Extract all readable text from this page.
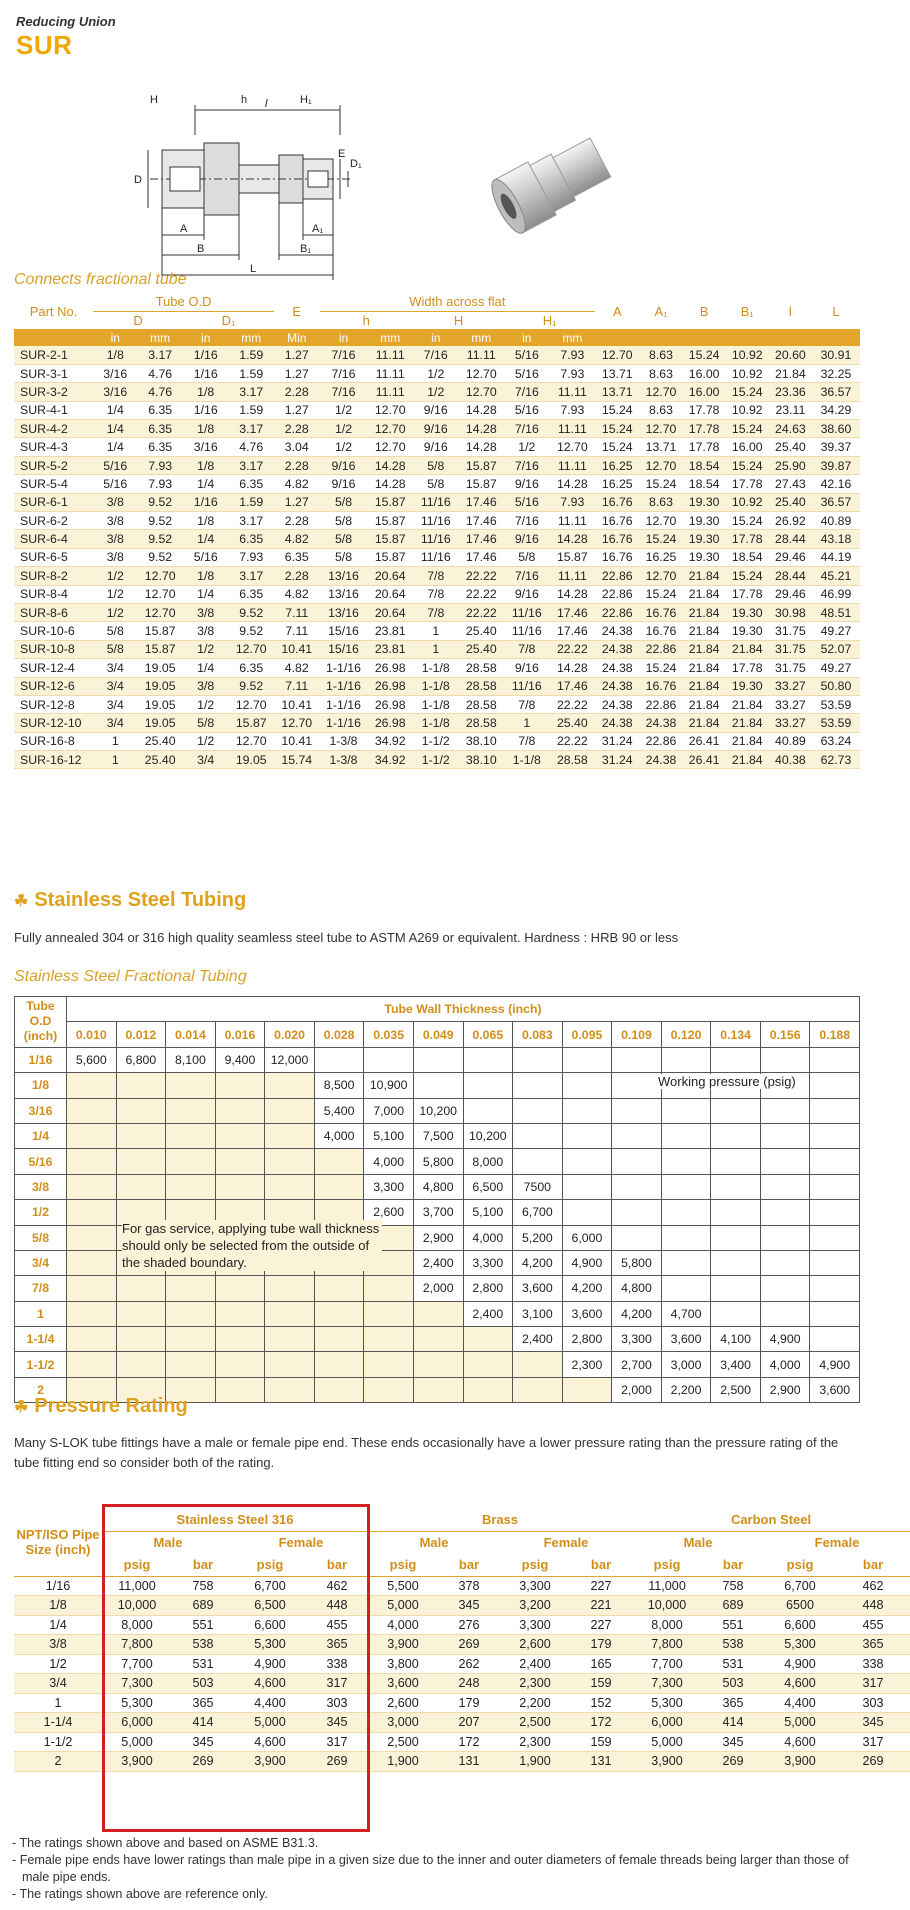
Reducing Union
SUR
l
H	h	H₁
D
E
D₁
A	A₁
B	B₁
L
Connects fractional tube
Part No.	Tube O.D				E	Width across flat						A	A₁	B	B₁	l	L
	D		D₁			h		H		H₁							
	in	mm	in	mm	Min	in	mm	in	mm	in	mm						
SUR-2-1	1/8	3.17	1/16	1.59	1.27	7/16	11.11	7/16	11.11	5/16	7.93	12.70	8.63	15.24	10.92	20.60	30.91
SUR-3-1	3/16	4.76	1/16	1.59	1.27	7/16	11.11	1/2	12.70	5/16	7.93	13.71	8.63	16.00	10.92	21.84	32.25
SUR-3-2	3/16	4.76	1/8	3.17	2.28	7/16	11.11	1/2	12.70	7/16	11.11	13.71	12.70	16.00	15.24	23.36	36.57
SUR-4-1	1/4	6.35	1/16	1.59	1.27	1/2	12.70	9/16	14.28	5/16	7.93	15.24	8.63	17.78	10.92	23.11	34.29
SUR-4-2	1/4	6.35	1/8	3.17	2.28	1/2	12.70	9/16	14.28	7/16	11.11	15.24	12.70	17.78	15.24	24.63	38.60
SUR-4-3	1/4	6.35	3/16	4.76	3.04	1/2	12.70	9/16	14.28	1/2	12.70	15.24	13.71	17.78	16.00	25.40	39.37
SUR-5-2	5/16	7.93	1/8	3.17	2.28	9/16	14.28	5/8	15.87	7/16	11.11	16.25	12.70	18.54	15.24	25.90	39.87
SUR-5-4	5/16	7.93	1/4	6.35	4.82	9/16	14.28	5/8	15.87	9/16	14.28	16.25	15.24	18.54	17.78	27.43	42.16
SUR-6-1	3/8	9.52	1/16	1.59	1.27	5/8	15.87	11/16	17.46	5/16	7.93	16.76	8.63	19.30	10.92	25.40	36.57
SUR-6-2	3/8	9.52	1/8	3.17	2.28	5/8	15.87	11/16	17.46	7/16	11.11	16.76	12.70	19.30	15.24	26.92	40.89
SUR-6-4	3/8	9.52	1/4	6.35	4.82	5/8	15.87	11/16	17.46	9/16	14.28	16.76	15.24	19.30	17.78	28.44	43.18
SUR-6-5	3/8	9.52	5/16	7.93	6.35	5/8	15.87	11/16	17.46	5/8	15.87	16.76	16.25	19.30	18.54	29.46	44.19
SUR-8-2	1/2	12.70	1/8	3.17	2.28	13/16	20.64	7/8	22.22	7/16	11.11	22.86	12.70	21.84	15.24	28.44	45.21
SUR-8-4	1/2	12.70	1/4	6.35	4.82	13/16	20.64	7/8	22.22	9/16	14.28	22.86	15.24	21.84	17.78	29.46	46.99
SUR-8-6	1/2	12.70	3/8	9.52	7.11	13/16	20.64	7/8	22.22	11/16	17.46	22.86	16.76	21.84	19.30	30.98	48.51
SUR-10-6	5/8	15.87	3/8	9.52	7.11	15/16	23.81	1	25.40	11/16	17.46	24.38	16.76	21.84	19.30	31.75	49.27
SUR-10-8	5/8	15.87	1/2	12.70	10.41	15/16	23.81	1	25.40	7/8	22.22	24.38	22.86	21.84	21.84	31.75	52.07
SUR-12-4	3/4	19.05	1/4	6.35	4.82	1-1/16	26.98	1-1/8	28.58	9/16	14.28	24.38	15.24	21.84	17.78	31.75	49.27
SUR-12-6	3/4	19.05	3/8	9.52	7.11	1-1/16	26.98	1-1/8	28.58	11/16	17.46	24.38	16.76	21.84	19.30	33.27	50.80
SUR-12-8	3/4	19.05	1/2	12.70	10.41	1-1/16	26.98	1-1/8	28.58	7/8	22.22	24.38	22.86	21.84	21.84	33.27	53.59
SUR-12-10	3/4	19.05	5/8	15.87	12.70	1-1/16	26.98	1-1/8	28.58	1	25.40	24.38	24.38	21.84	21.84	33.27	53.59
SUR-16-8	1	25.40	1/2	12.70	10.41	1-3/8	34.92	1-1/2	38.10	7/8	22.22	31.24	22.86	26.41	21.84	40.89	63.24
SUR-16-12	1	25.40	3/4	19.05	15.74	1-3/8	34.92	1-1/2	38.10	1-1/8	28.58	31.24	24.38	26.41	21.84	40.38	62.73
☘ Stainless Steel Tubing
Fully annealed 304 or 316 high quality seamless steel tube to ASTM A269 or equivalent. Hardness : HRB 90 or less
Stainless Steel Fractional Tubing
Tube O.D (inch)	Tube Wall Thickness (inch)															
	0.010	0.012	0.014	0.016	0.020	0.028	0.035	0.049	0.065	0.083	0.095	0.109	0.120	0.134	0.156	0.188
1/16	5,600	6,800	8,100	9,400	12,000											
1/8						8,500	10,900									
3/16						5,400	7,000	10,200								
1/4						4,000	5,100	7,500	10,200							
5/16							4,000	5,800	8,000							
3/8							3,300	4,800	6,500	7500						
1/2							2,600	3,700	5,100	6,700						
5/8								2,900	4,000	5,200	6,000					
3/4								2,400	3,300	4,200	4,900	5,800				
7/8								2,000	2,800	3,600	4,200	4,800				
1									2,400	3,100	3,600	4,200	4,700			
1-1/4										2,400	2,800	3,300	3,600	4,100	4,900	
1-1/2											2,300	2,700	3,000	3,400	4,000	4,900
2												2,000	2,200	2,500	2,900	3,600
Working pressure (psig)
For gas service, applying tube wall thickness should only be selected from the outside of the shaded boundary.
☘ Pressure Rating
Many S-LOK tube fittings have a male or female pipe end. These ends occasionally have a lower pressure rating than the pressure rating of the tube fitting end so consider both of the rating.
NPT/ISO Pipe Size (inch)	Stainless Steel 316				Brass				Carbon Steel			
	Male		Female		Male		Female		Male		Female	
	psig	bar	psig	bar	psig	bar	psig	bar	psig	bar	psig	bar
1/16	11,000	758	6,700	462	5,500	378	3,300	227	11,000	758	6,700	462
1/8	10,000	689	6,500	448	5,000	345	3,200	221	10,000	689	6500	448
1/4	8,000	551	6,600	455	4,000	276	3,300	227	8,000	551	6,600	455
3/8	7,800	538	5,300	365	3,900	269	2,600	179	7,800	538	5,300	365
1/2	7,700	531	4,900	338	3,800	262	2,400	165	7,700	531	4,900	338
3/4	7,300	503	4,600	317	3,600	248	2,300	159	7,300	503	4,600	317
1	5,300	365	4,400	303	2,600	179	2,200	152	5,300	365	4,400	303
1-1/4	6,000	414	5,000	345	3,000	207	2,500	172	6,000	414	5,000	345
1-1/2	5,000	345	4,600	317	2,500	172	2,300	159	5,000	345	4,600	317
2	3,900	269	3,900	269	1,900	131	1,900	131	3,900	269	3,900	269
- The ratings shown above and based on ASME B31.3.
- Female pipe ends have lower ratings than male pipe in a given size due to the inner and outer diameters of female threads being larger than those of male pipe ends.
- The ratings shown above are reference only.
